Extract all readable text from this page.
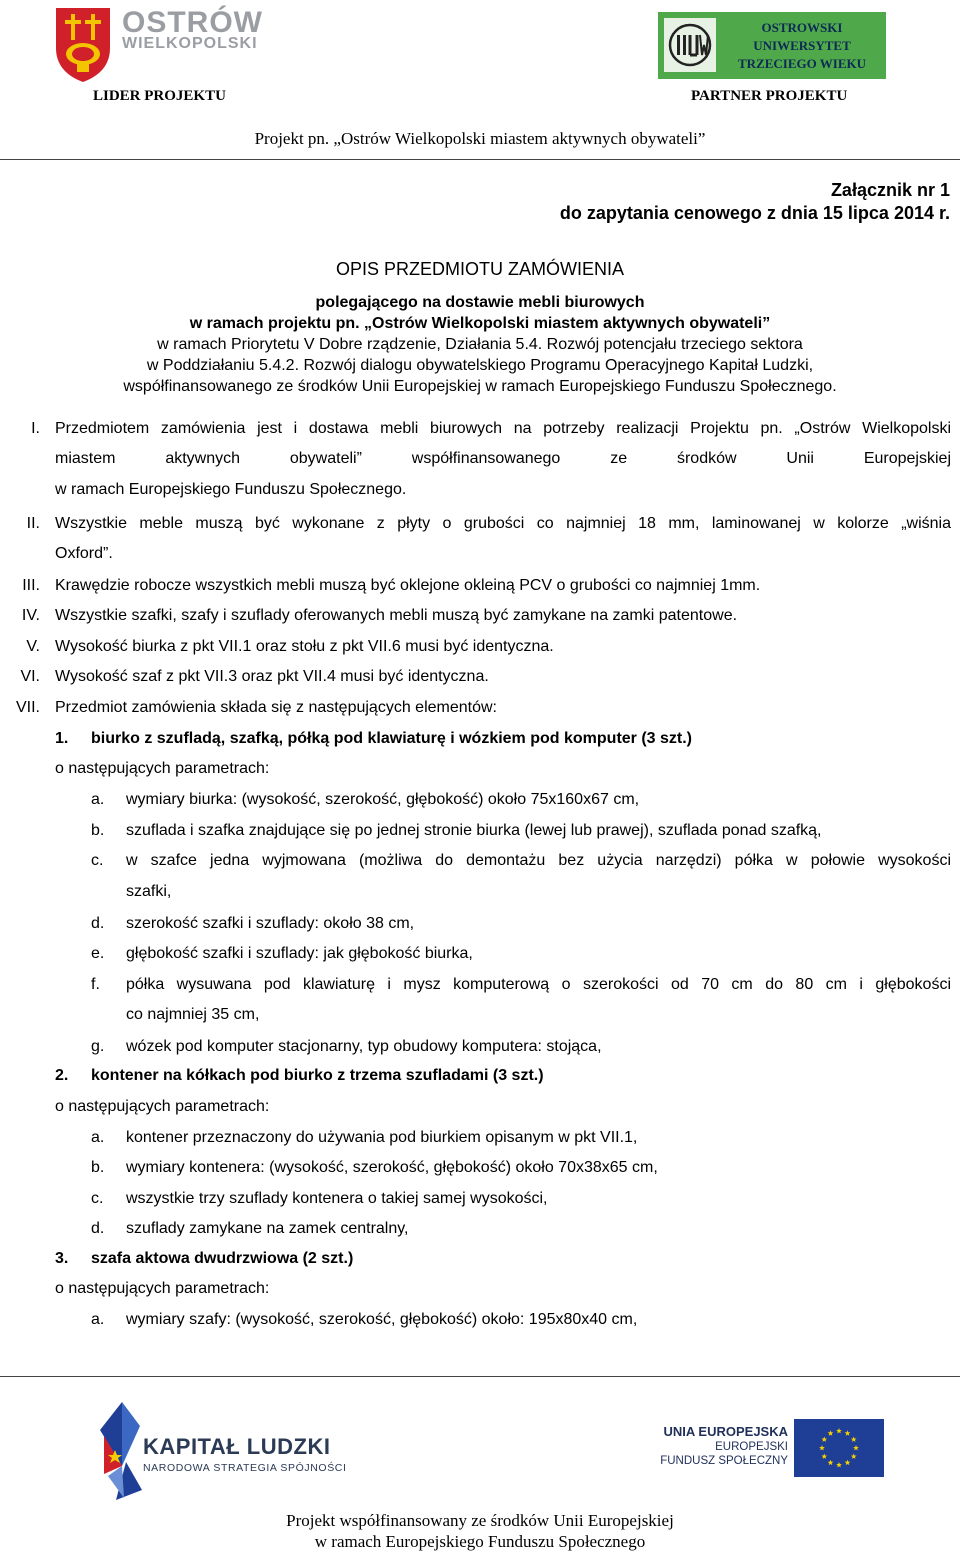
OSTRÓW
WIELKOPOLSKI
LIDER PROJEKTU
OSTROWSKI
UNIWERSYTET
TRZECIEGO WIEKU
PARTNER PROJEKTU
Projekt pn. „Ostrów Wielkopolski miastem aktywnych obywateli”
Załącznik nr 1
do zapytania cenowego z dnia 15 lipca 2014 r.
OPIS PRZEDMIOTU ZAMÓWIENIA
polegającego na dostawie mebli biurowych
w ramach projektu pn. „Ostrów Wielkopolski miastem aktywnych obywateli”
w ramach Priorytetu V Dobre rządzenie, Działania 5.4. Rozwój potencjału trzeciego sektora
w Poddziałaniu 5.4.2. Rozwój dialogu obywatelskiego Programu Operacyjnego Kapitał Ludzki,
współfinansowanego ze środków Unii Europejskiej w ramach Europejskiego Funduszu Społecznego.
I. Przedmiotem zamówienia jest i dostawa mebli biurowych na potrzeby realizacji Projektu pn. „Ostrów Wielkopolski
miastem aktywnych obywateli” współfinansowanego ze środków Unii Europejskiej
w ramach Europejskiego Funduszu Społecznego.
II. Wszystkie meble muszą być wykonane z płyty o grubości co najmniej 18 mm, laminowanej w kolorze „wiśnia
Oxford”.
III. Krawędzie robocze wszystkich mebli muszą być oklejone okleiną PCV o grubości co najmniej 1mm.
IV. Wszystkie szafki, szafy i szuflady oferowanych mebli muszą być zamykane na zamki patentowe.
V. Wysokość biurka z pkt VII.1 oraz stołu z pkt VII.6 musi być identyczna.
VI. Wysokość szaf z pkt VII.3 oraz pkt VII.4 musi być identyczna.
VII. Przedmiot zamówienia składa się z następujących elementów:
1. biurko z szufladą, szafką, półką pod klawiaturę i wózkiem pod komputer (3 szt.)
o następujących parametrach:
a. wymiary biurka: (wysokość, szerokość, głębokość) około 75x160x67 cm,
b. szuflada i szafka znajdujące się po jednej stronie biurka (lewej lub prawej), szuflada ponad szafką,
c. w szafce jedna wyjmowana (możliwa do demontażu bez użycia narzędzi) półka w połowie wysokości
szafki,
d. szerokość szafki i szuflady: około 38 cm,
e. głębokość szafki i szuflady: jak głębokość biurka,
f. półka wysuwana pod klawiaturę i mysz komputerową o szerokości od 70 cm do 80 cm i głębokości
co najmniej 35 cm,
g. wózek pod komputer stacjonarny, typ obudowy komputera: stojąca,
2. kontener na kółkach pod biurko z trzema szufladami (3 szt.)
o następujących parametrach:
a. kontener przeznaczony do używania pod biurkiem opisanym w pkt VII.1,
b. wymiary kontenera: (wysokość, szerokość, głębokość) około 70x38x65 cm,
c. wszystkie trzy szuflady kontenera o takiej samej wysokości,
d. szuflady zamykane na zamek centralny,
3. szafa aktowa dwudrzwiowa (2 szt.)
o następujących parametrach:
a. wymiary szafy: (wysokość, szerokość, głębokość) około: 195x80x40 cm,
KAPITAŁ LUDZKI
NARODOWA STRATEGIA SPÓJNOŚCI
UNIA EUROPEJSKA
EUROPEJSKI
FUNDUSZ SPOŁECZNY
Projekt współfinansowany ze środków Unii Europejskiej
w ramach Europejskiego Funduszu Społecznego
